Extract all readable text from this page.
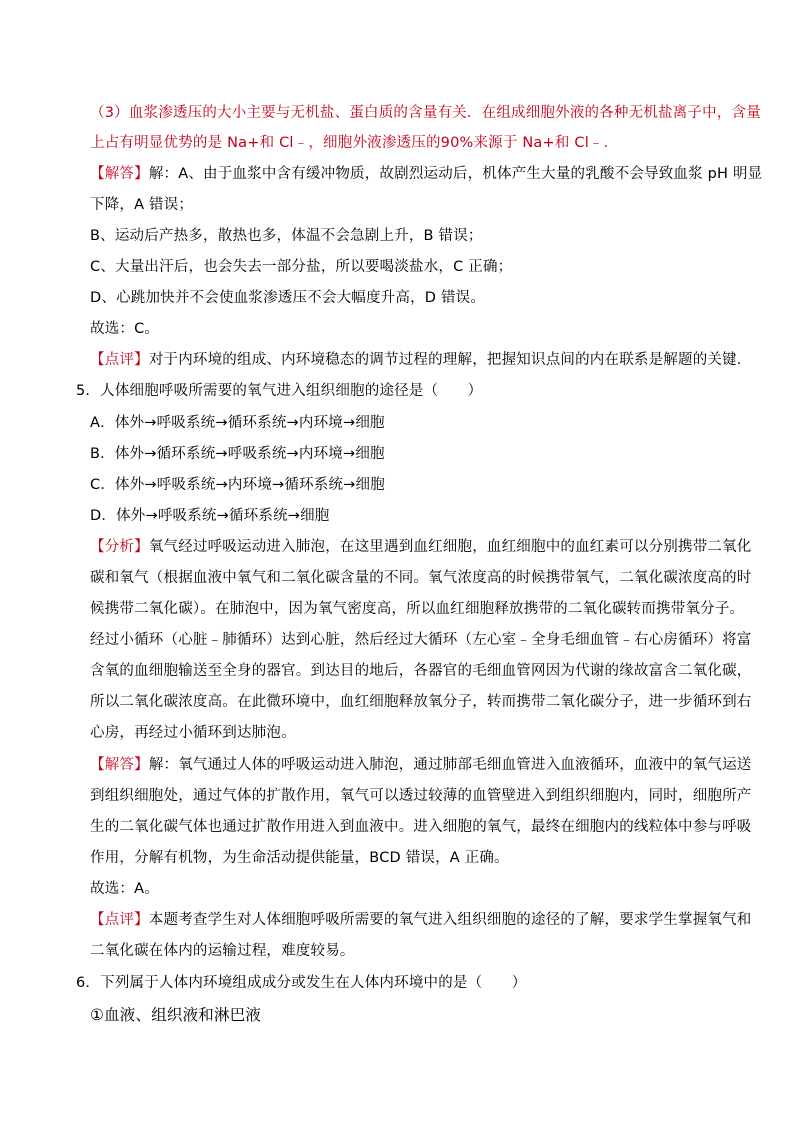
（3）血浆渗透压的大小主要与无机盐、蛋白质的含量有关．在组成细胞外液的各种无机盐离子中，含量
上占有明显优势的是 Na+和 Cl﹣，细胞外液渗透压的90%来源于 Na+和 Cl﹣．
【解答】解：A、由于血浆中含有缓冲物质，故剧烈运动后，机体产生大量的乳酸不会导致血浆 pH 明显
下降，A 错误；
B、运动后产热多，散热也多，体温不会急剧上升，B 错误；
C、大量出汗后，也会失去一部分盐，所以要喝淡盐水，C 正确；
D、心跳加快并不会使血浆渗透压不会大幅度升高，D 错误。
故选：C。
【点评】对于内环境的组成、内环境稳态的调节过程的理解，把握知识点间的内在联系是解题的关键．
5．人体细胞呼吸所需要的氧气进入组织细胞的途径是（　　）
A．体外→呼吸系统→循环系统→内环境→细胞
B．体外→循环系统→呼吸系统→内环境→细胞
C．体外→呼吸系统→内环境→循环系统→细胞
D．体外→呼吸系统→循环系统→细胞
【分析】氧气经过呼吸运动进入肺泡，在这里遇到血红细胞，血红细胞中的血红素可以分别携带二氧化
碳和氧气（根据血液中氧气和二氧化碳含量的不同。氧气浓度高的时候携带氧气，二氧化碳浓度高的时
候携带二氧化碳）。在肺泡中，因为氧气密度高，所以血红细胞释放携带的二氧化碳转而携带氧分子。
经过小循环（心脏﹣肺循环）达到心脏，然后经过大循环（左心室﹣全身毛细血管﹣右心房循环）将富
含氧的血细胞输送至全身的器官。到达目的地后，各器官的毛细血管网因为代谢的缘故富含二氧化碳，
所以二氧化碳浓度高。在此微环境中，血红细胞释放氧分子，转而携带二氧化碳分子，进一步循环到右
心房，再经过小循环到达肺泡。
【解答】解：氧气通过人体的呼吸运动进入肺泡，通过肺部毛细血管进入血液循环，血液中的氧气运送
到组织细胞处，通过气体的扩散作用，氧气可以透过较薄的血管壁进入到组织细胞内，同时，细胞所产
生的二氧化碳气体也通过扩散作用进入到血液中。进入细胞的氧气，最终在细胞内的线粒体中参与呼吸
作用，分解有机物，为生命活动提供能量，BCD 错误，A 正确。
故选：A。
【点评】本题考查学生对人体细胞呼吸所需要的氧气进入组织细胞的途径的了解，要求学生掌握氧气和
二氧化碳在体内的运输过程，难度较易。
6．下列属于人体内环境组成成分或发生在人体内环境中的是（　　）
①血液、组织液和淋巴液
